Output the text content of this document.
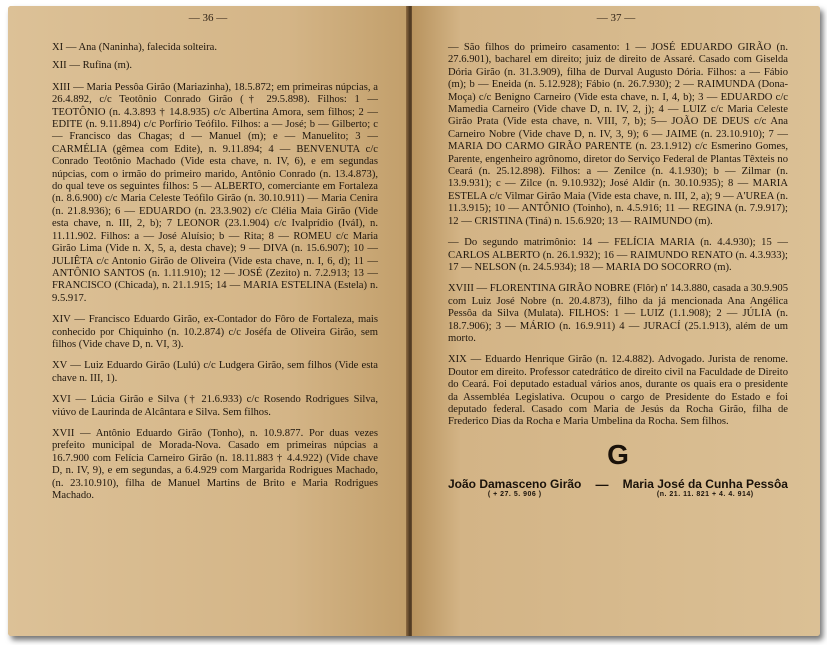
— 36 —

XI — Ana (Naninha), falecida solteira.

XII — Rufina (m).

XIII — Maria Pessôa Girão (Mariazinha), 18.5.872; em primeiras núpcias, a 26.4.892, c/c Teotônio Conrado Girão († 29.5.898). Filhos: 1 — TEOTÔNIO (n. 4.3.893 † 14.8.935) c/c Albertina Amora, sem filhos; 2 — EDITE (n. 9.11.894) c/c Porfírio Teófilo. Filhos: a — José; b — Gilberto; c — Francisco das Chagas; d — Manuel (m); e — Manuelito; 3 — CARMÉLIA (gêmea com Edite), n. 9.11.894; 4 — BENVENUTA c/c Conrado Teotônio Machado (Vide esta chave, n. IV, 6), e em segundas núpcias, com o irmão do primeiro marido, Antônio Conrado (n. 13.4.873), do qual teve os seguintes filhos: 5 — ALBERTO, comerciante em Fortaleza (n. 8.6.900) c/c Maria Celeste Teófilo Girão (n. 30.10.911) — Maria Cenira (n. 21.8.936); 6 — EDUARDO (n. 23.3.902) c/c Clélia Maia Girão (Vide esta chave, n. III, 2, b); 7 LEONOR (23.1.904) c/c Ivalprídio (IváI), n. 11.11.902. Filhos: a — José Aluísio; b — Rita; 8 — ROMEU c/c Maria Girão Lima (Vide n. X, 5, a, desta chave); 9 — DIVA (n. 15.6.907); 10 — JULIÊTA c/c Antonio Girão de Oliveira (Vide esta chave, n. I, 6, d); 11 — ANTÔNIO SANTOS (n. 1.11.910); 12 — JOSÉ (Zezito) n. 7.2.913; 13 — FRANCISCO (Chicada), n. 21.1.915; 14 — MARIA ESTELINA (Estela) n. 9.5.917.

XIV — Francisco Eduardo Girão, ex-Contador do Fôro de Fortaleza, mais conhecido por Chiquinho (n. 10.2.874) c/c Joséfa de Oliveira Girão, sem filhos (Vide chave D, n. VI, 3).

XV — Luiz Eduardo Girão (Lulú) c/c Ludgera Girão, sem filhos (Vide esta chave n. III, 1).

XVI — Lúcia Girão e Silva († 21.6.933) c/c Rosendo Rodrigues Silva, viúvo de Laurinda de Alcântara e Silva. Sem filhos.

XVII — Antônio Eduardo Girão (Tonho), n. 10.9.877. Por duas vezes prefeito municipal de Morada-Nova. Casado em primeiras núpcias a 16.7.900 com Felícia Carneiro Girão (n. 18.11.883 † 4.4.922) (Vide chave D, n. IV, 9), e em segundas, a 6.4.929 com Margarida Rodrigues Machado, (n. 23.10.910), filha de Manuel Martins de Brito e Maria Rodrigues Machado.

— 37 —

— São filhos do primeiro casamento: 1 — JOSÉ EDUARDO GIRÃO (n. 27.6.901), bacharel em direito; juiz de direito de Assaré. Casado com Giselda Dória Girão (n. 31.3.909), filha de Durval Augusto Dória. Filhos: a — Fábio (m); b — Eneida (n. 5.12.928); Fábio (n. 26.7.930); 2 — RAIMUNDA (Dona-Moça) c/c Benigno Carneiro (Vide esta chave, n. I, 4, b); 3 — EDUARDO c/c Mamedia Carneiro (Vide chave D, n. IV, 2, j); 4 — LUIZ c/c Maria Celeste Girão Prata (Vide esta chave, n. VIII, 7, b); 5— JOÃO DE DEUS c/c Ana Carneiro Nobre (Vide chave D, n. IV, 3, 9); 6 — JAIME (n. 23.10.910); 7 — MARIA DO CARMO GIRÃO PARENTE (n. 23.1.912) c/c Esmerino Gomes, Parente, engenheiro agrônomo, diretor do Serviço Federal de Plantas Têxteis no Ceará (n. 25.12.898). Filhos: a — Zenilce (n. 4.1.930); b — Zilmar (n. 13.9.931); c — Zilce (n. 9.10.932); José Aldir (n. 30.10.935); 8 — MARIA ESTELA c/c Vilmar Girão Maia (Vide esta chave, n. III, 2, a); 9 — A'UREA (n. 11.3.915); 10 — ANTÔNIO (Toinho), n. 4.5.916; 11 — REGINA (n. 7.9.917); 12 — CRISTINA (Tiná) n. 15.6.920; 13 — RAIMUNDO (m).

— Do segundo matrimônio: 14 — FELÍCIA MARIA (n. 4.4.930); 15 — CARLOS ALBERTO (n. 26.1.932); 16 — RAIMUNDO RENATO (n. 4.3.933); 17 — NELSON (n. 24.5.934); 18 — MARIA DO SOCORRO (m).

XVIII — FLORENTINA GIRÃO NOBRE (Flôr) n' 14.3.880, casada a 30.9.905 com Luiz José Nobre (n. 20.4.873), filho da já mencionada Ana Angélica Pessôa da Silva (Mulata). FILHOS: 1 — LUIZ (1.1.908); 2 — JÚLIA (n. 18.7.906); 3 — MÁRIO (n. 16.9.911) 4 — JURACÍ (25.1.913), além de um morto.

XIX — Eduardo Henrique Girão (n. 12.4.882). Advogado. Jurista de renome. Doutor em direito. Professor catedrático de direito civil na Faculdade de Direito do Ceará. Foi deputado estadual vários anos, durante os quais era o presidente da Assembléa Legislativa. Ocupou o cargo de Presidente do Estado e foi deputado federal. Casado com Maria de Jesús da Rocha Girão, filha de Frederico Dias da Rocha e Maria Umbelina da Rocha. Sem filhos.

G
João Damasceno Girão
( + 27. 5. 906 )
— Maria José da Cunha Pessôa
(n. 21. 11. 821 + 4. 4. 914)
